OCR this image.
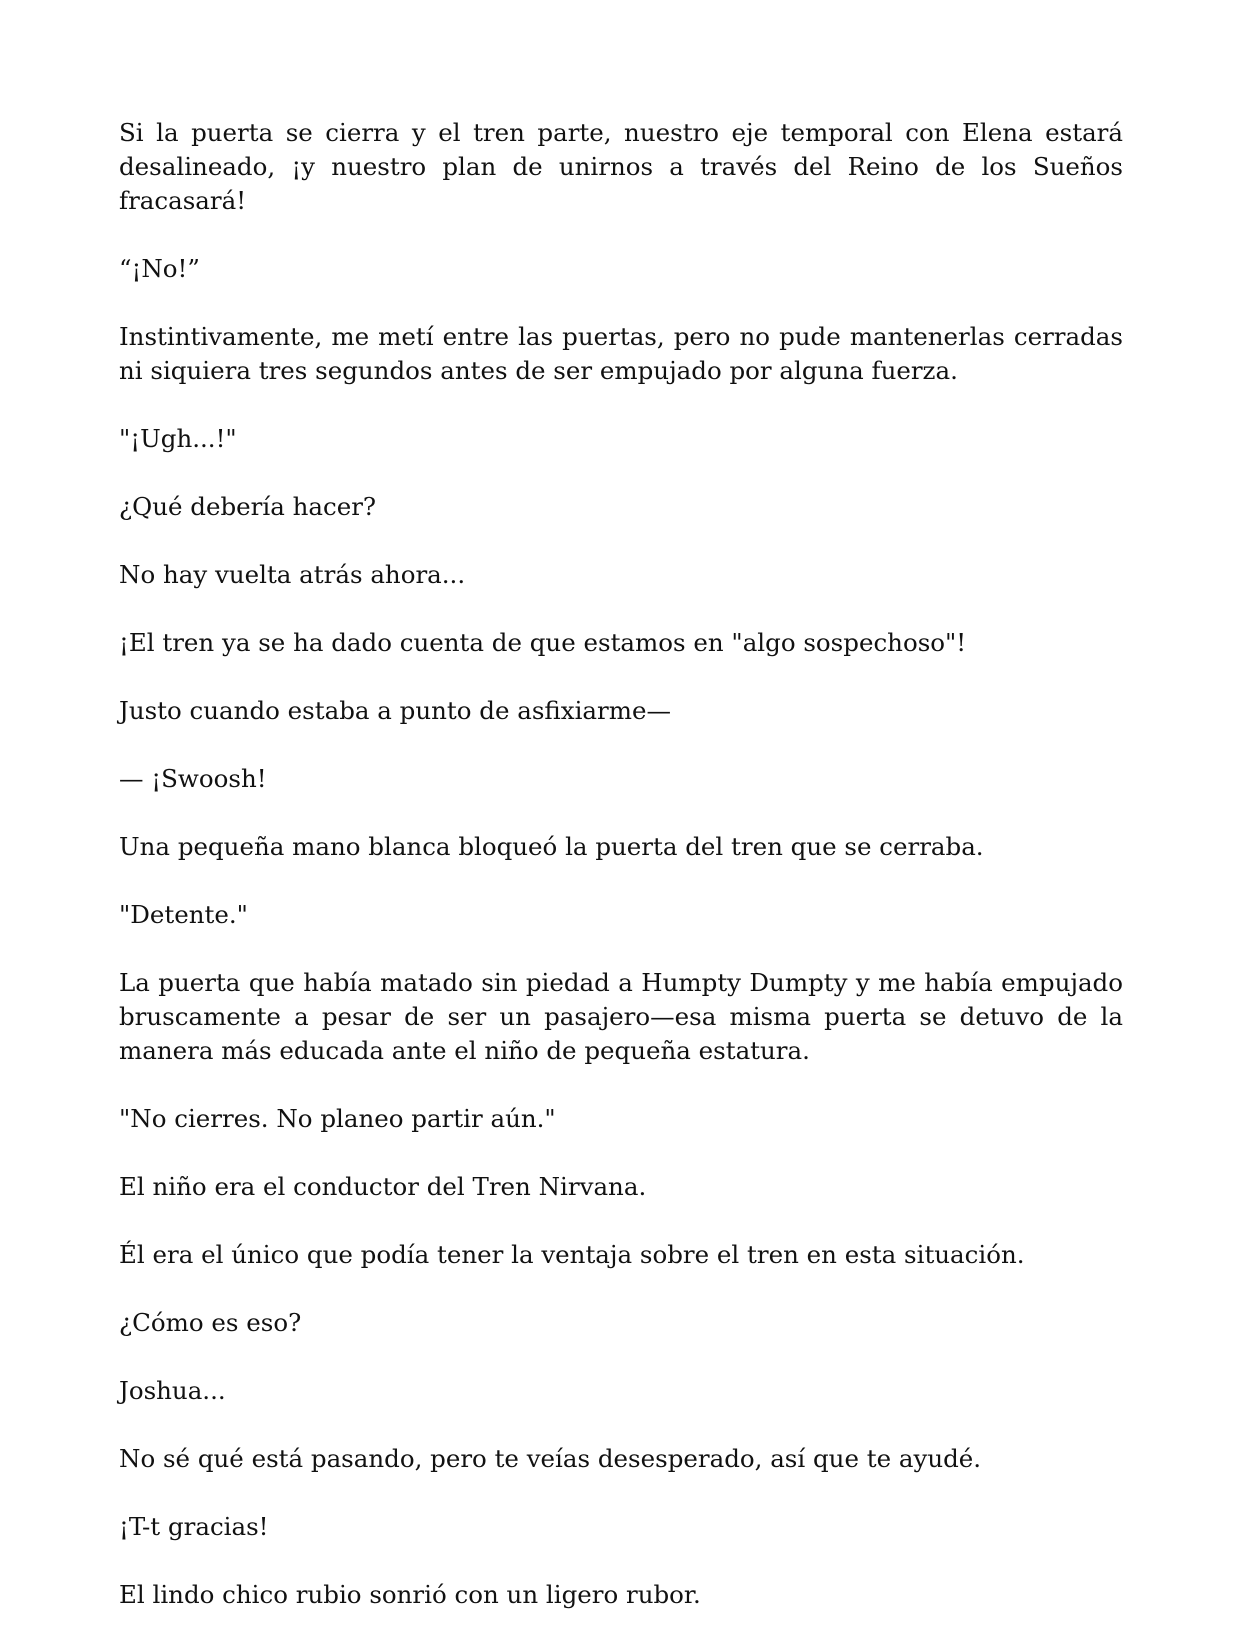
Si la puerta se cierra y el tren parte, nuestro eje temporal con Elena estará desalineado, ¡y nuestro plan de unirnos a través del Reino de los Sueños fracasará!

“¡No!”

Instintivamente, me metí entre las puertas, pero no pude mantenerlas cerradas ni siquiera tres segundos antes de ser empujado por alguna fuerza.

"¡Ugh...!"

¿Qué debería hacer?

No hay vuelta atrás ahora...

¡El tren ya se ha dado cuenta de que estamos en "algo sospechoso"!

Justo cuando estaba a punto de asfixiarme—

— ¡Swoosh!

Una pequeña mano blanca bloqueó la puerta del tren que se cerraba.

"Detente."

La puerta que había matado sin piedad a Humpty Dumpty y me había empujado bruscamente a pesar de ser un pasajero—esa misma puerta se detuvo de la manera más educada ante el niño de pequeña estatura.

"No cierres. No planeo partir aún."

El niño era el conductor del Tren Nirvana.

Él era el único que podía tener la ventaja sobre el tren en esta situación.

¿Cómo es eso?

Joshua...

No sé qué está pasando, pero te veías desesperado, así que te ayudé.

¡T-t gracias!

El lindo chico rubio sonrió con un ligero rubor.
